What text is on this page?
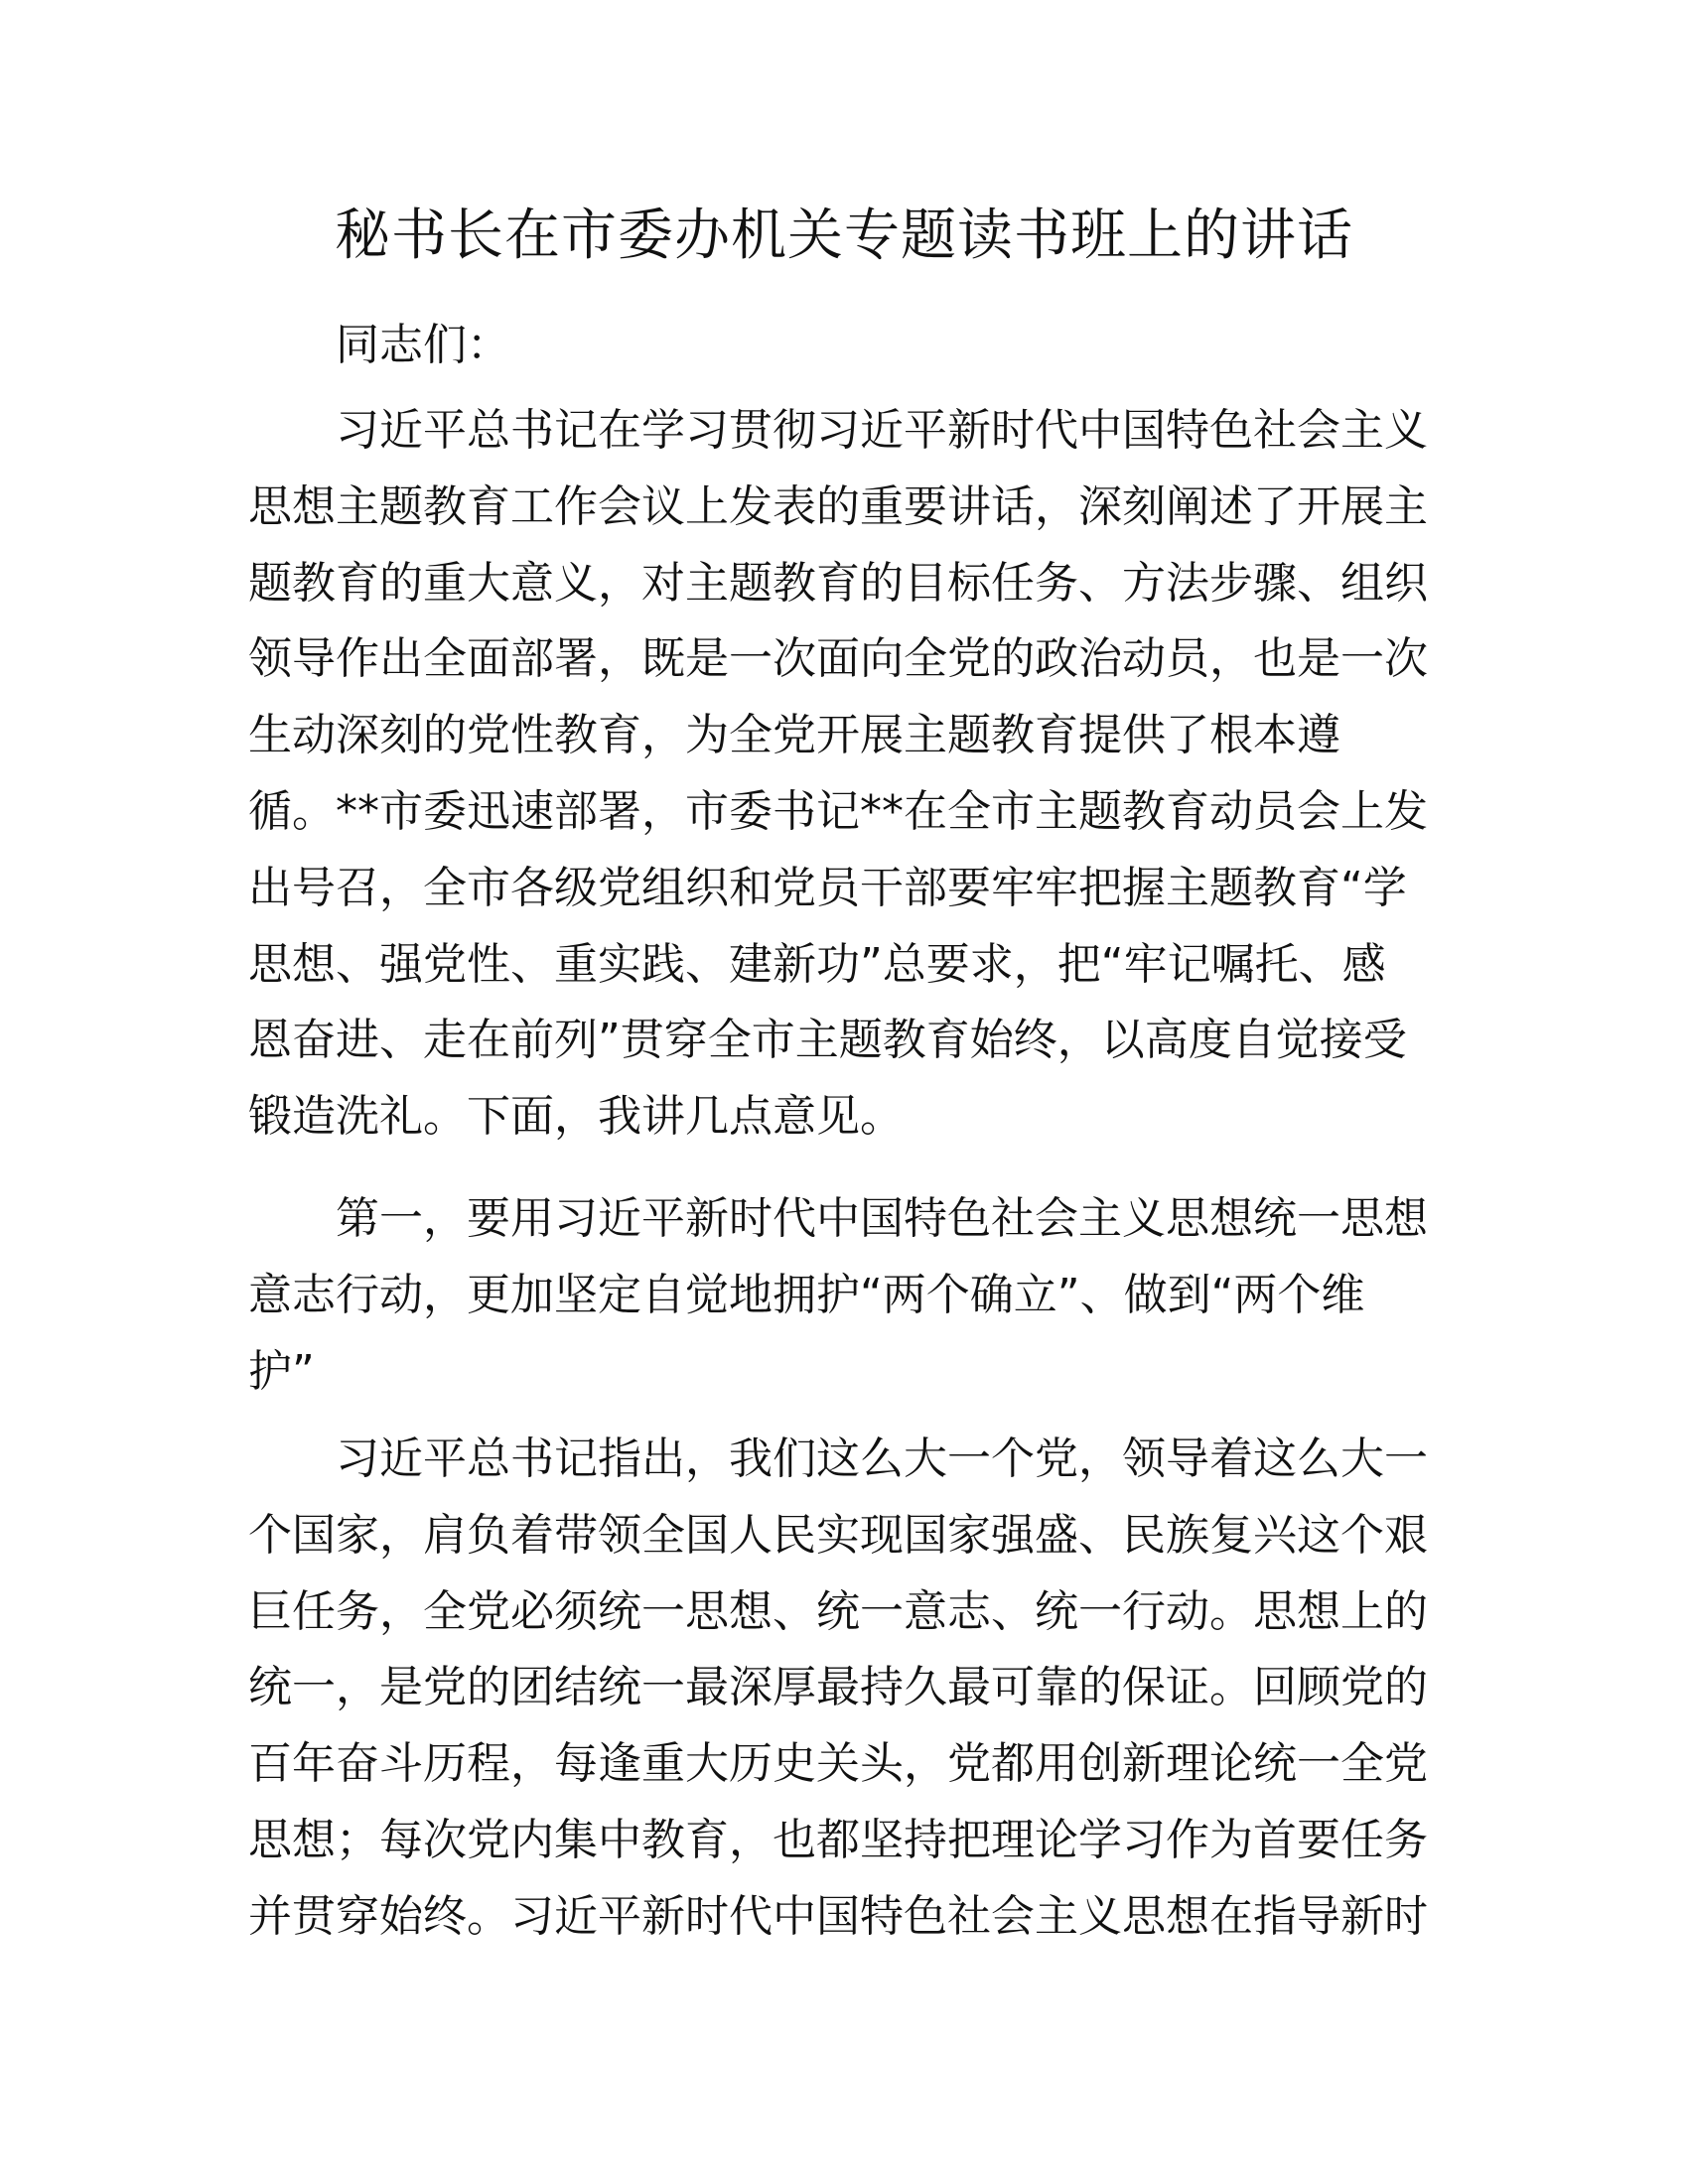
秘书长在市委办机关专题读书班上的讲话
同志们：
习近平总书记在学习贯彻习近平新时代中国特色社会主义
思想主题教育工作会议上发表的重要讲话，深刻阐述了开展主
题教育的重大意义，对主题教育的目标任务、方法步骤、组织
领导作出全面部署，既是一次面向全党的政治动员，也是一次
生动深刻的党性教育，为全党开展主题教育提供了根本遵
循。**市委迅速部署，市委书记**在全市主题教育动员会上发
出号召，全市各级党组织和党员干部要牢牢把握主题教育“学
思想、强党性、重实践、建新功”总要求，把“牢记嘱托、感
恩奋进、走在前列”贯穿全市主题教育始终，以高度自觉接受
锻造洗礼。下面，我讲几点意见。
第一，要用习近平新时代中国特色社会主义思想统一思想
意志行动，更加坚定自觉地拥护“两个确立”、做到“两个维
护”
习近平总书记指出，我们这么大一个党，领导着这么大一
个国家，肩负着带领全国人民实现国家强盛、民族复兴这个艰
巨任务，全党必须统一思想、统一意志、统一行动。思想上的
统一，是党的团结统一最深厚最持久最可靠的保证。回顾党的
百年奋斗历程，每逢重大历史关头，党都用创新理论统一全党
思想；每次党内集中教育，也都坚持把理论学习作为首要任务
并贯穿始终。习近平新时代中国特色社会主义思想在指导新时
